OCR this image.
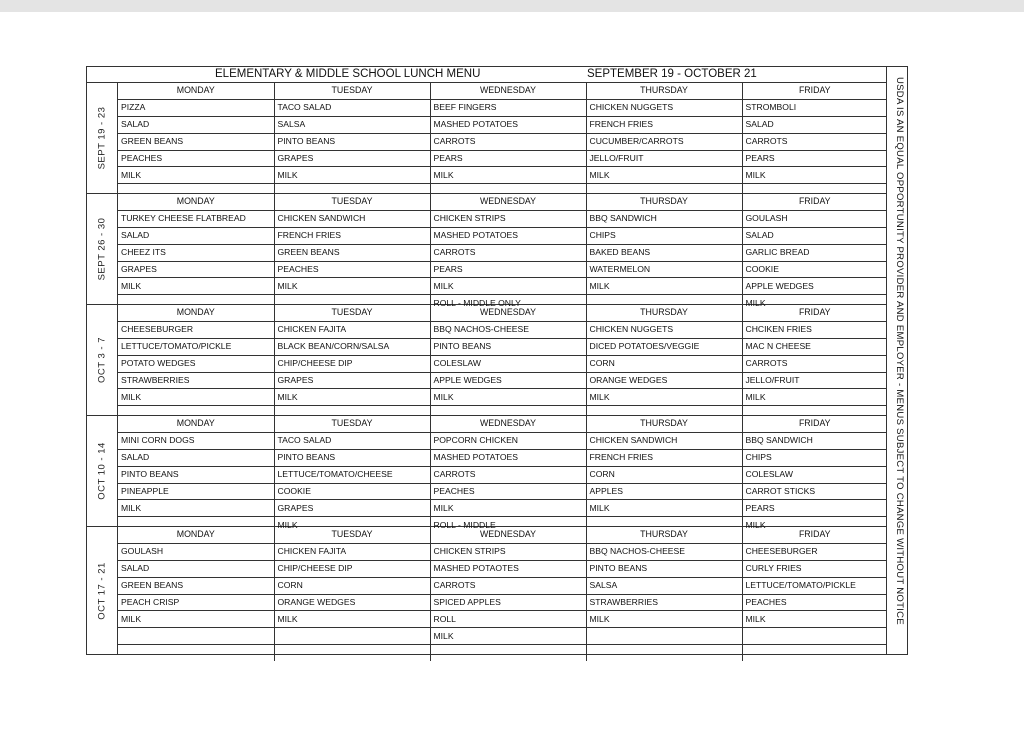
ELEMENTARY & MIDDLE SCHOOL LUNCH MENU	SEPTEMBER 19 - OCTOBER 21
SEPT 19 - 23
MONDAY	TUESDAY	WEDNESDAY	THURSDAY	FRIDAY
PIZZA	TACO SALAD	BEEF FINGERS	CHICKEN NUGGETS	STROMBOLI
SALAD	SALSA	MASHED POTATOES	FRENCH FRIES	SALAD
GREEN BEANS	PINTO BEANS	CARROTS	CUCUMBER/CARROTS	CARROTS
PEACHES	GRAPES	PEARS	JELLO/FRUIT	PEARS
MILK	MILK	MILK	MILK	MILK

SEPT 26 - 30
MONDAY	TUESDAY	WEDNESDAY	THURSDAY	FRIDAY
TURKEY CHEESE FLATBREAD	CHICKEN SANDWICH	CHICKEN STRIPS	BBQ SANDWICH	GOULASH
SALAD	FRENCH FRIES	MASHED POTATOES	CHIPS	SALAD
CHEEZ ITS	GREEN BEANS	CARROTS	BAKED BEANS	GARLIC BREAD
GRAPES	PEACHES	PEARS	WATERMELON	COOKIE
MILK	MILK	MILK	MILK	APPLE WEDGES
		ROLL - MIDDLE ONLY		MILK
OCT 3 - 7
MONDAY	TUESDAY	WEDNESDAY	THURSDAY	FRIDAY
CHEESEBURGER	CHICKEN FAJITA	BBQ NACHOS-CHEESE	CHICKEN NUGGETS	CHCIKEN FRIES
LETTUCE/TOMATO/PICKLE	BLACK BEAN/CORN/SALSA	PINTO BEANS	DICED POTATOES/VEGGIE	MAC N CHEESE
POTATO WEDGES	CHIP/CHEESE DIP	COLESLAW	CORN	CARROTS
STRAWBERRIES	GRAPES	APPLE WEDGES	ORANGE WEDGES	JELLO/FRUIT
MILK	MILK	MILK	MILK	MILK

OCT 10 - 14
MONDAY	TUESDAY	WEDNESDAY	THURSDAY	FRIDAY
MINI CORN DOGS	TACO SALAD	POPCORN CHICKEN	CHICKEN SANDWICH	BBQ SANDWICH
SALAD	PINTO BEANS	MASHED POTATOES	FRENCH FRIES	CHIPS
PINTO BEANS	LETTUCE/TOMATO/CHEESE	CARROTS	CORN	COLESLAW
PINEAPPLE	COOKIE	PEACHES	APPLES	CARROT STICKS
MILK	GRAPES	MILK	MILK	PEARS
	MILK	ROLL - MIDDLE		MILK
OCT 17 - 21
MONDAY	TUESDAY	WEDNESDAY	THURSDAY	FRIDAY
GOULASH	CHICKEN FAJITA	CHICKEN STRIPS	BBQ NACHOS-CHEESE	CHEESEBURGER
SALAD	CHIP/CHEESE DIP	MASHED POTAOTES	PINTO BEANS	CURLY FRIES
GREEN BEANS	CORN	CARROTS	SALSA	LETTUCE/TOMATO/PICKLE
PEACH CRISP	ORANGE WEDGES	SPICED APPLES	STRAWBERRIES	PEACHES
MILK	MILK	ROLL	MILK	MILK
		MILK		

USDA IS AN EQUAL OPPORTUNITY PROVIDER AND EMPLOYER - MENUS SUBJECT TO CHANGE WITHOUT NOTICE
